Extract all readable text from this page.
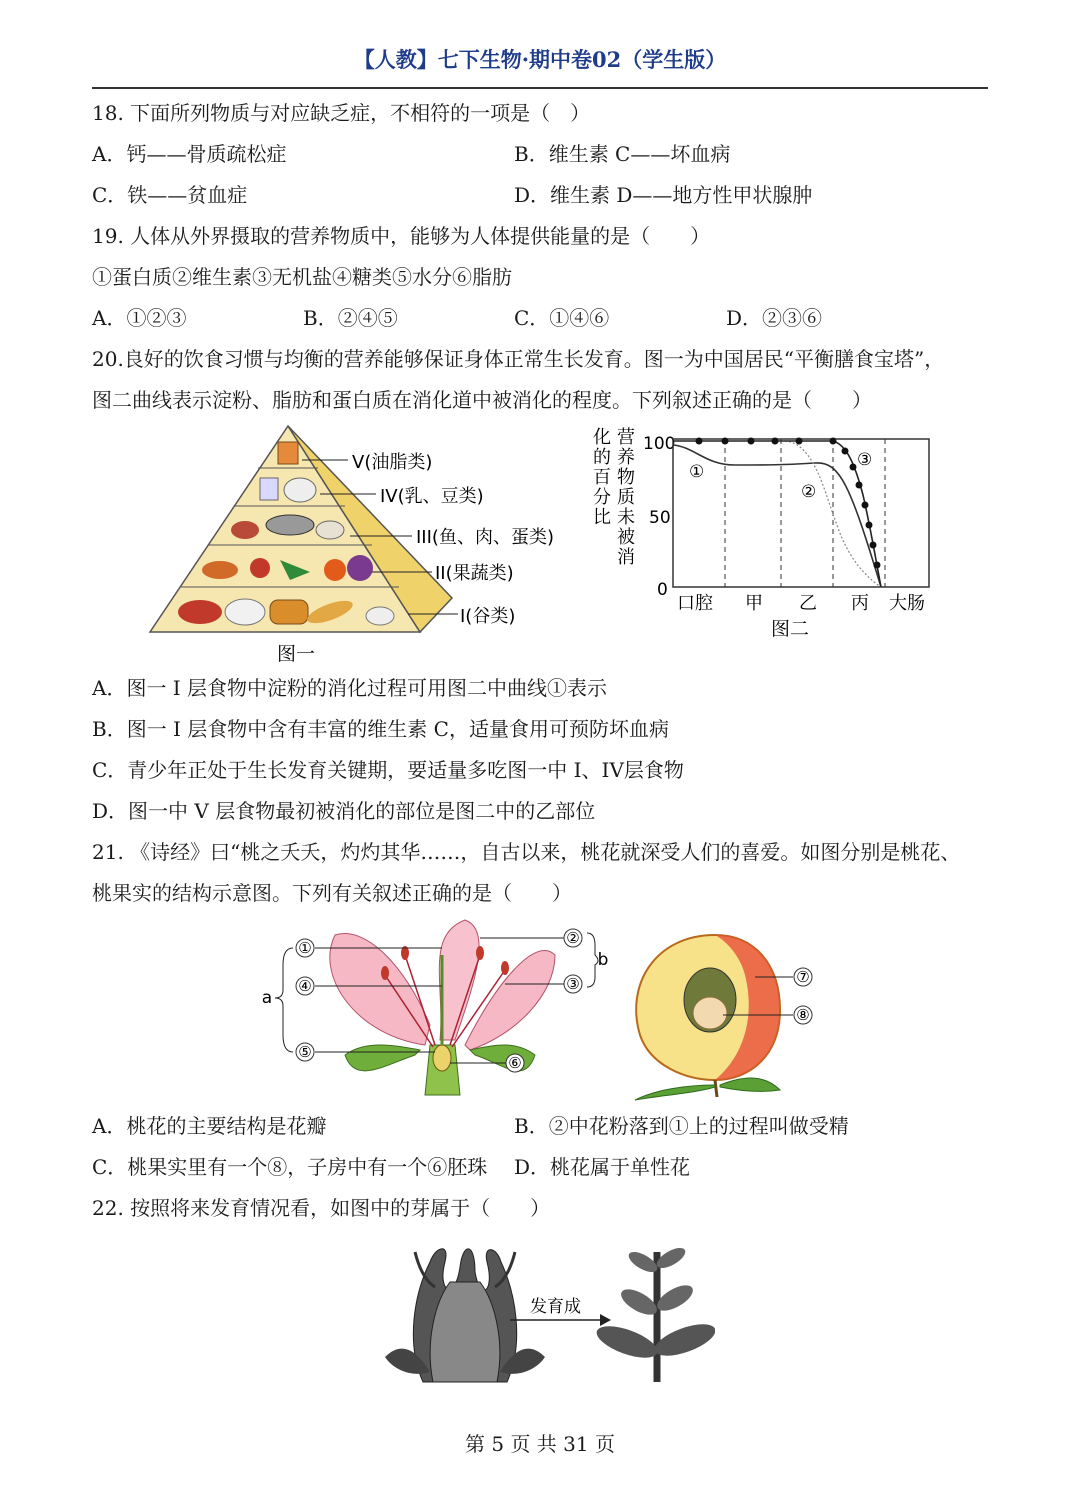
【人教】七下生物·期中卷02（学生版）
18. 下面所列物质与对应缺乏症，不相符的一项是（　）
A．钙——骨质疏松症	B．维生素 C——坏血病
C．铁——贫血症	D．维生素 D——地方性甲状腺肿
19. 人体从外界摄取的营养物质中，能够为人体提供能量的是（　　）
①蛋白质②维生素③无机盐④糖类⑤水分⑥脂肪
A．①②③	B．②④⑤	C．①④⑥	D．②③⑥
20.良好的饮食习惯与均衡的营养能够保证身体正常生长发育。图一为中国居民“平衡膳食宝塔”，
图二曲线表示淀粉、脂肪和蛋白质在消化道中被消化的程度。下列叙述正确的是（　　）
V(油脂类)
IV(乳、豆类)
III(鱼、肉、蛋类)
II(果蔬类)
I(谷类)
图一
营养物质未被消
化的百分比
100
50
0
①
②
③
口腔 甲 乙 丙 大肠
图二
A．图一 I 层食物中淀粉的消化过程可用图二中曲线①表示
B．图一 I 层食物中含有丰富的维生素 C，适量食用可预防坏血病
C．青少年正处于生长发育关键期，要适量多吃图一中 I、IV层食物
D．图一中 V 层食物最初被消化的部位是图二中的乙部位
21. 《诗经》曰“桃之夭夭，灼灼其华……，自古以来，桃花就深受人们的喜爱。如图分别是桃花、
桃果实的结构示意图。下列有关叙述正确的是（　　）
①
②
③
④
⑤
⑥
a
b
⑦
⑧
A．桃花的主要结构是花瓣	B．②中花粉落到①上的过程叫做受精
C．桃果实里有一个⑧，子房中有一个⑥胚珠 D．桃花属于单性花
22. 按照将来发育情况看，如图中的芽属于（　　）
发育成
第 5 页 共 31 页
